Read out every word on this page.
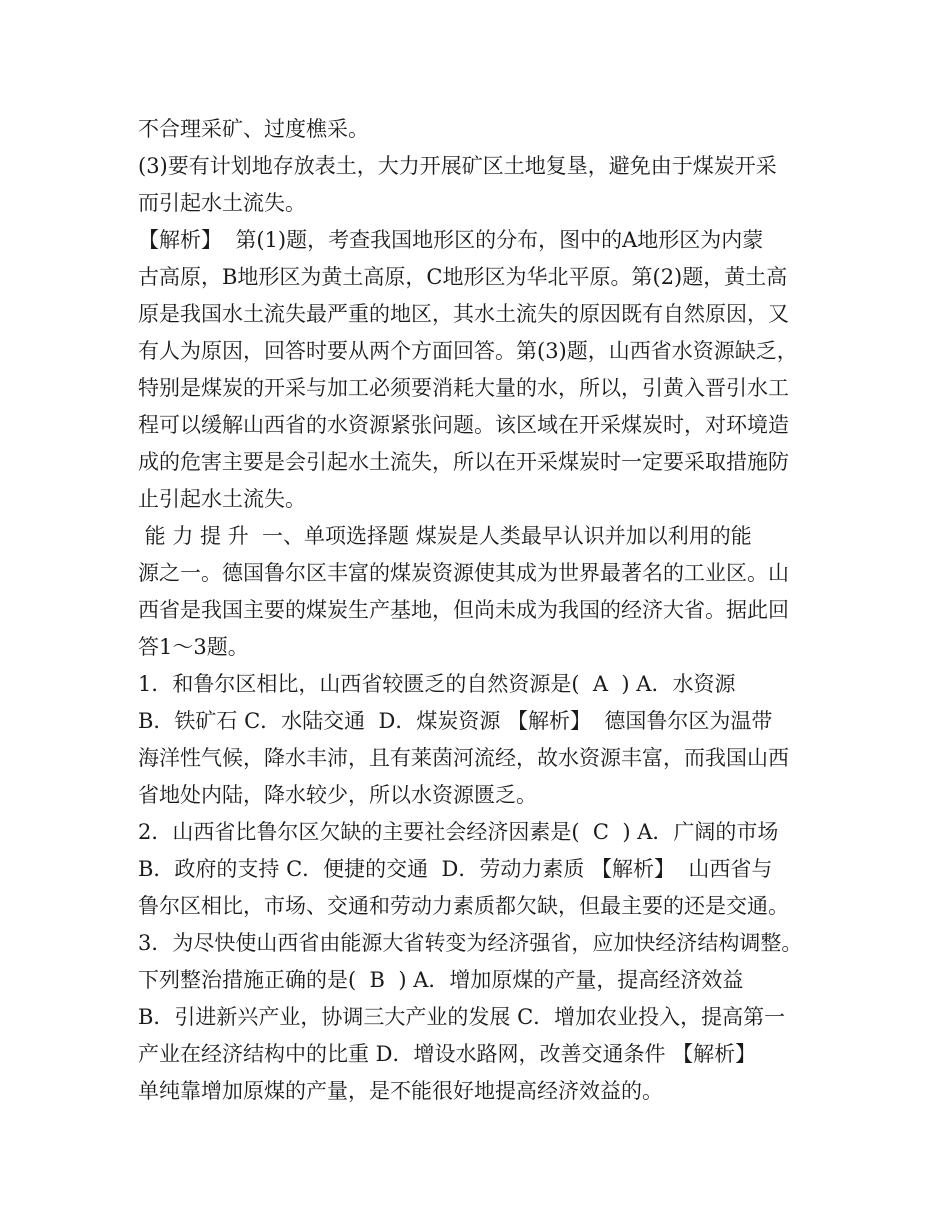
不合理采矿、过度樵采。
(3)要有计划地存放表土，大力开展矿区土地复垦，避免由于煤炭开采
而引起水土流失。
【解析】  第(1)题，考查我国地形区的分布，图中的A地形区为内蒙
古高原，B地形区为黄土高原，C地形区为华北平原。第(2)题，黄土高
原是我国水土流失最严重的地区，其水土流失的原因既有自然原因，又
有人为原因，回答时要从两个方面回答。第(3)题，山西省水资源缺乏，
特别是煤炭的开采与加工必须要消耗大量的水，所以，引黄入晋引水工
程可以缓解山西省的水资源紧张问题。该区域在开采煤炭时，对环境造
成的危害主要是会引起水土流失，所以在开采煤炭时一定要采取措施防
止引起水土流失。
能 力 提 升  一、单项选择题 煤炭是人类最早认识并加以利用的能
源之一。德国鲁尔区丰富的煤炭资源使其成为世界最著名的工业区。山
西省是我国主要的煤炭生产基地，但尚未成为我国的经济大省。据此回
答1～3题。
1．和鲁尔区相比，山西省较匮乏的自然资源是(  A  ) A．水资源
B．铁矿石 C．水陆交通  D．煤炭资源 【解析】  德国鲁尔区为温带
海洋性气候，降水丰沛，且有莱茵河流经，故水资源丰富，而我国山西
省地处内陆，降水较少，所以水资源匮乏。
2．山西省比鲁尔区欠缺的主要社会经济因素是(  C  ) A．广阔的市场
B．政府的支持 C．便捷的交通  D．劳动力素质 【解析】  山西省与
鲁尔区相比，市场、交通和劳动力素质都欠缺，但最主要的还是交通。
3．为尽快使山西省由能源大省转变为经济强省，应加快经济结构调整。
下列整治措施正确的是(  B  ) A．增加原煤的产量，提高经济效益
B．引进新兴产业，协调三大产业的发展 C．增加农业投入，提高第一
产业在经济结构中的比重 D．增设水路网，改善交通条件 【解析】
单纯靠增加原煤的产量，是不能很好地提高经济效益的。
